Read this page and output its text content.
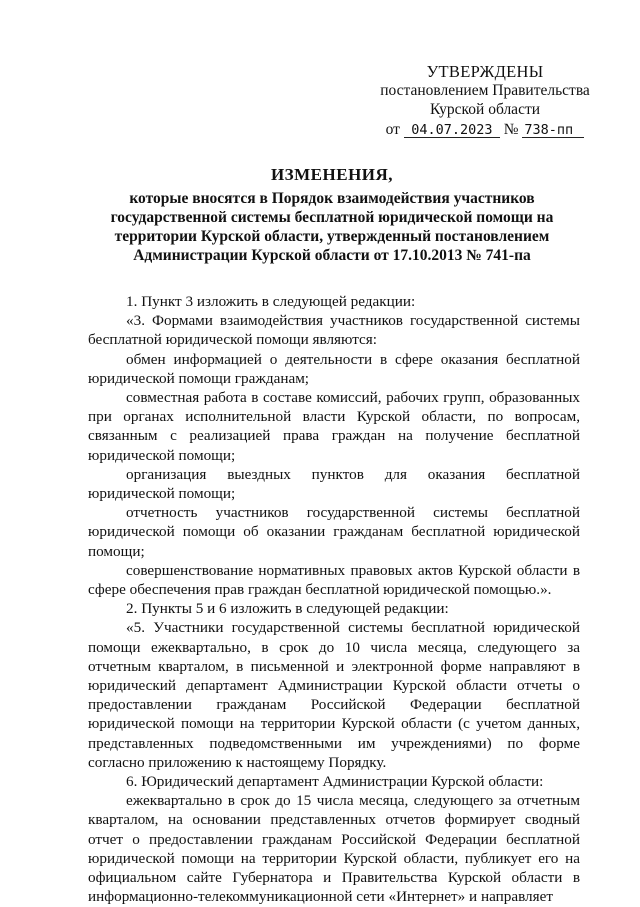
УТВЕРЖДЕНЫ
постановлением Правительства
Курской области
от 04.07.2023 № 738-пп
ИЗМЕНЕНИЯ,
которые вносятся в Порядок взаимодействия участников государственной системы бесплатной юридической помощи на территории Курской области, утвержденный постановлением Администрации Курской области от 17.10.2013 № 741-па

1. Пункт 3 изложить в следующей редакции:

«3. Формами взаимодействия участников государственной системы бесплатной юридической помощи являются:

обмен информацией о деятельности в сфере оказания бесплатной юридической помощи гражданам;

совместная работа в составе комиссий, рабочих групп, образованных при органах исполнительной власти Курской области, по вопросам, связанным с реализацией права граждан на получение бесплатной юридической помощи;

организация выездных пунктов для оказания бесплатной юридической помощи;

отчетность участников государственной системы бесплатной юридической помощи об оказании гражданам бесплатной юридической помощи;

совершенствование нормативных правовых актов Курской области в сфере обеспечения прав граждан бесплатной юридической помощью.».

2. Пункты 5 и 6 изложить в следующей редакции:

«5. Участники государственной системы бесплатной юридической помощи ежеквартально, в срок до 10 числа месяца, следующего за отчетным кварталом, в письменной и электронной форме направляют в юридический департамент Администрации Курской области отчеты о предоставлении гражданам Российской Федерации бесплатной юридической помощи на территории Курской области (с учетом данных, представленных подведомственными им учреждениями) по форме согласно приложению к настоящему Порядку.

6. Юридический департамент Администрации Курской области:

ежеквартально в срок до 15 числа месяца, следующего за отчетным кварталом, на основании представленных отчетов формирует сводный отчет о предоставлении гражданам Российской Федерации бесплатной юридической помощи на территории Курской области, публикует его на официальном сайте Губернатора и Правительства Курской области в информационно-телекоммуникационной сети «Интернет» и направляет
